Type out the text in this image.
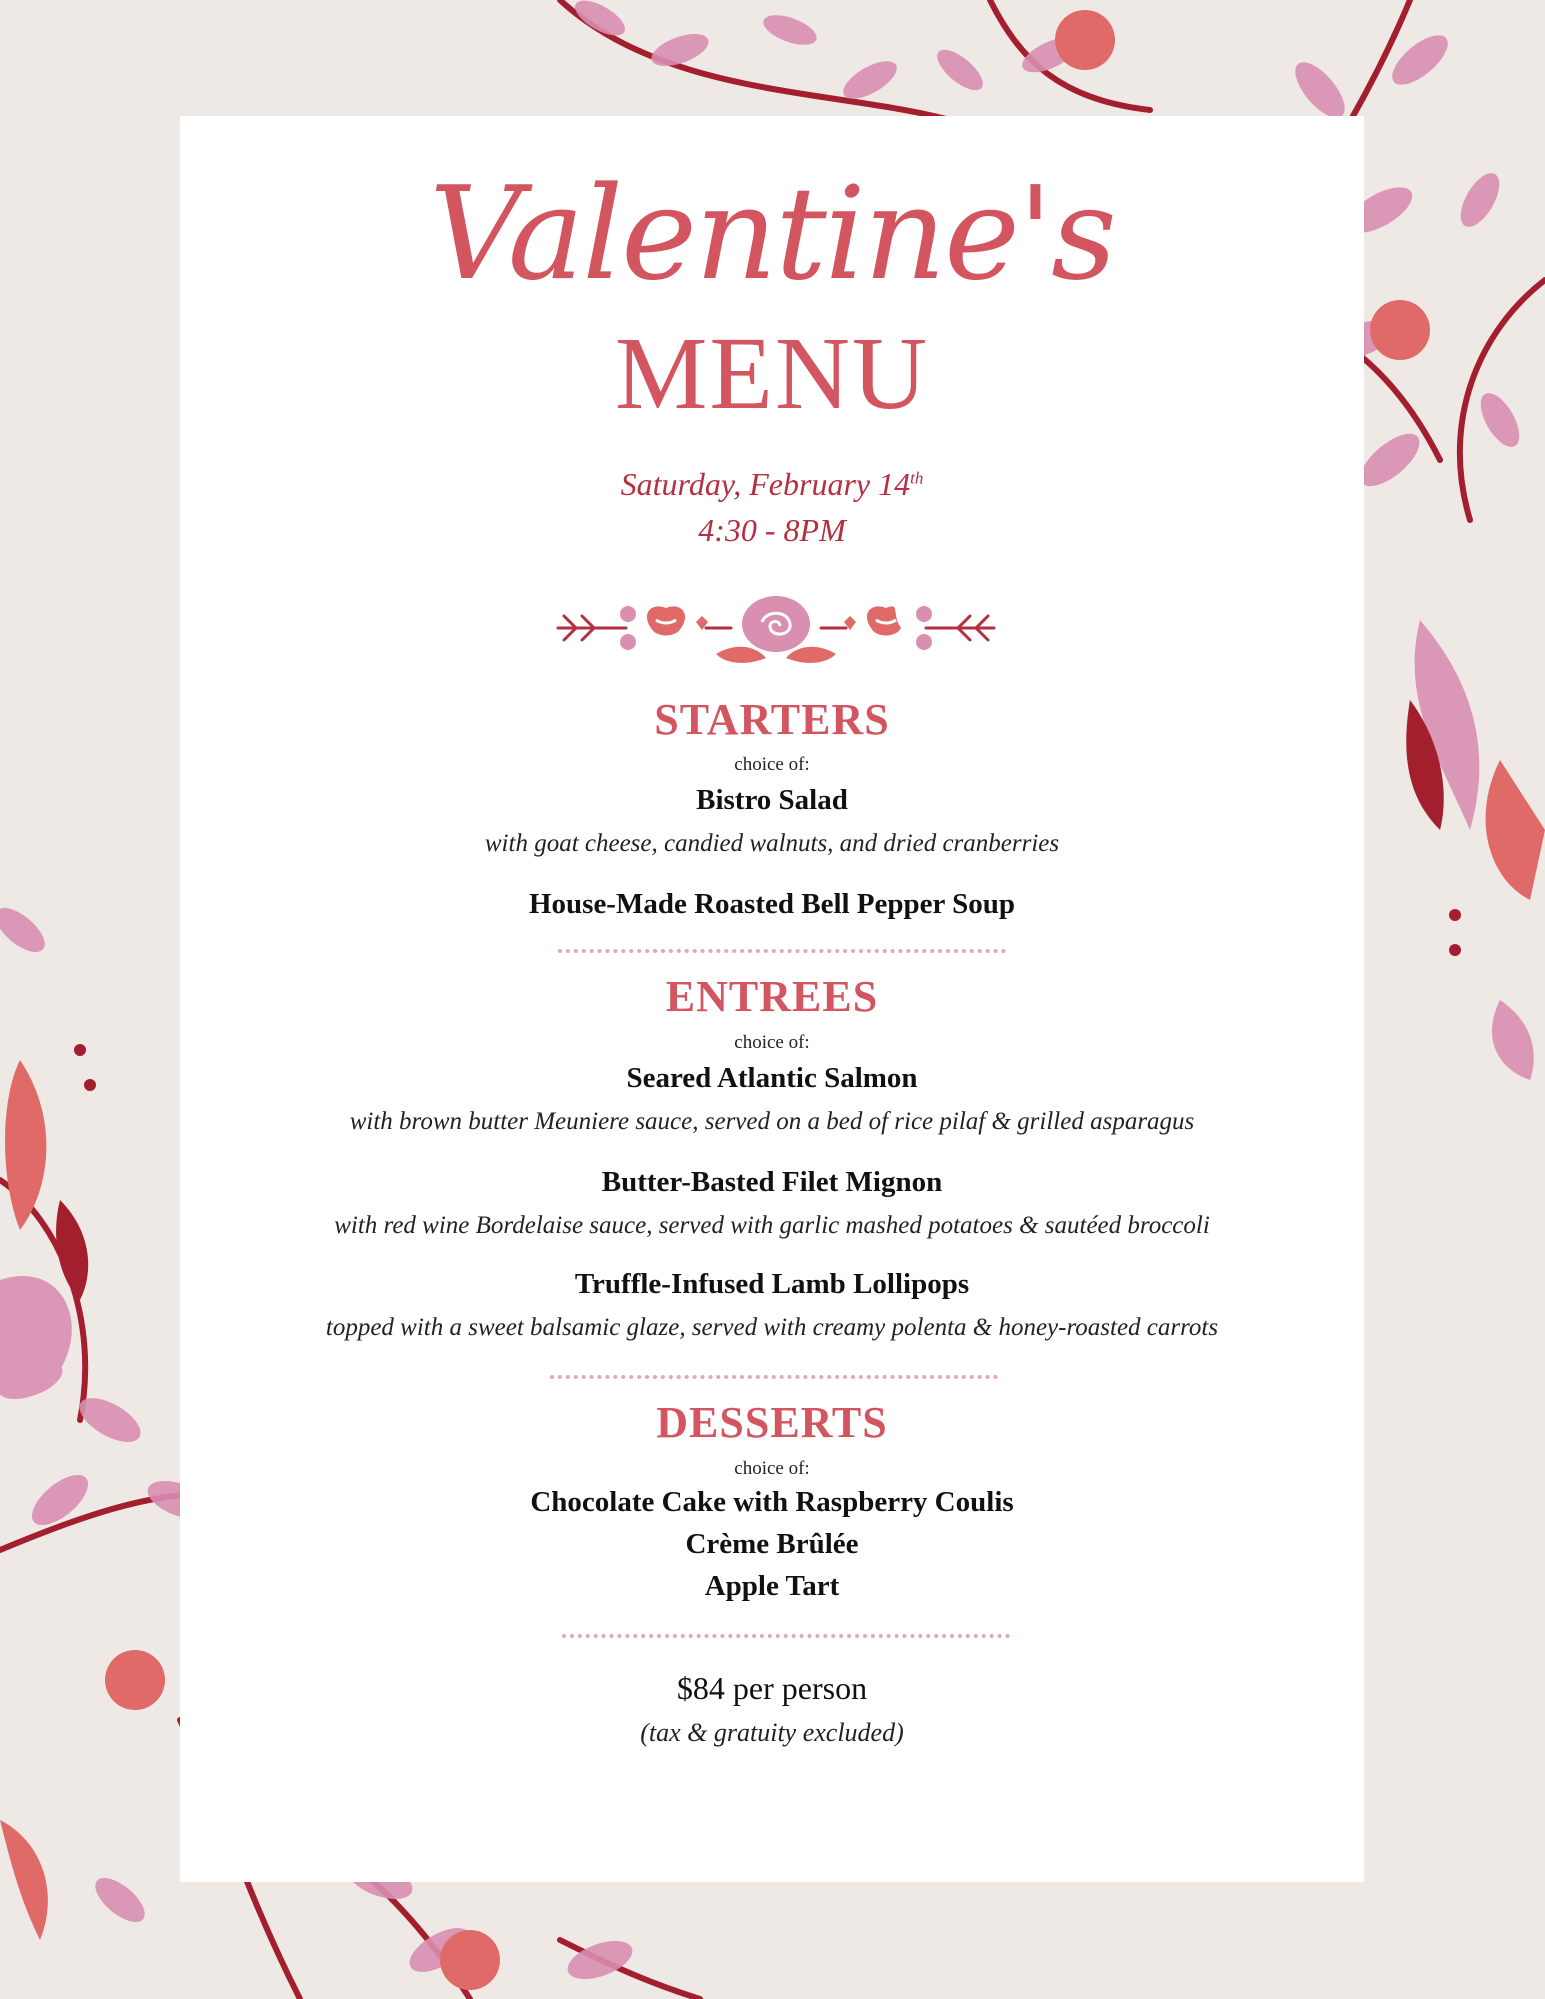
Valentine's
MENU
Saturday, February 14th
4:30 - 8PM
STARTERS
choice of:
Bistro Salad
with goat cheese, candied walnuts, and dried cranberries
House-Made Roasted Bell Pepper Soup
ENTREES
choice of:
Seared Atlantic Salmon
with brown butter Meuniere sauce, served on a bed of rice pilaf & grilled asparagus
Butter-Basted Filet Mignon
with red wine Bordelaise sauce, served with garlic mashed potatoes & sautéed broccoli
Truffle-Infused Lamb Lollipops
topped with a sweet balsamic glaze, served with creamy polenta & honey-roasted carrots
DESSERTS
choice of:
Chocolate Cake with Raspberry Coulis
Crème Brûlée
Apple Tart
$84 per person
(tax & gratuity excluded)
